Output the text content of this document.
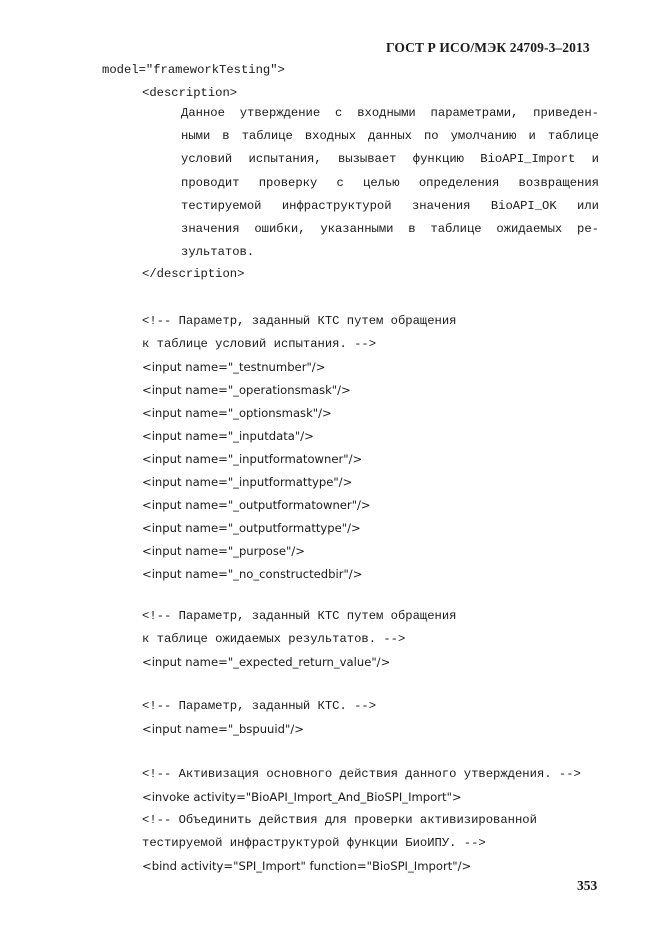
ГОСТ Р ИСО/МЭК 24709-3–2013
model="frameworkTesting">
<description>
Данное утверждение с входными параметрами, приведен-
ными в таблице входных данных по умолчанию и таблице
условий испытания, вызывает функцию BioAPI_Import и
проводит проверку с целью определения возвращения
тестируемой инфраструктурой значения BioAPI_OK или
значения ошибки, указанными в таблице ожидаемых ре-
зультатов.
</description>
<!-- Параметр, заданный КТС путем обращения
к таблице условий испытания. -->
<input name="_testnumber"/>
<input name="_operationsmask"/>
<input name="_optionsmask"/>
<input name="_inputdata"/>
<input name="_inputformatowner"/>
<input name="_inputformattype"/>
<input name="_outputformatowner"/>
<input name="_outputformattype"/>
<input name="_purpose"/>
<input name="_no_constructedbir"/>
<!-- Параметр, заданный КТС путем обращения
к таблице ожидаемых результатов. -->
<input name="_expected_return_value"/>
<!-- Параметр, заданный КТС. -->
<input name="_bspuuid"/>
<!-- Активизация основного действия данного утверждения. -->
<invoke activity="BioAPI_Import_And_BioSPI_Import">
<!-- Объединить действия для проверки активизированной
тестируемой инфраструктурой функции БиоИПУ. -->
<bind activity="SPI_Import" function="BioSPI_Import"/>
353
